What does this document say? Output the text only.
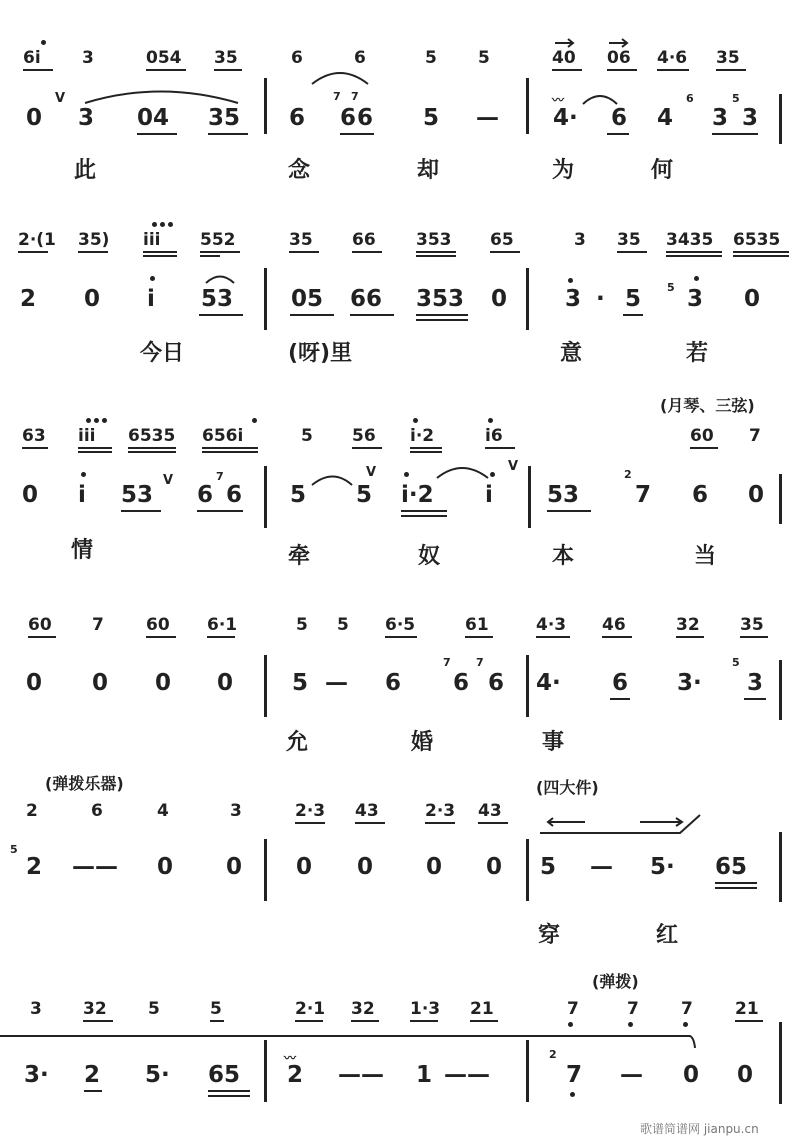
6i 3	054 35	6	6	5 5	40 06 4·6 35
0 3 04 35 6 6 6 5 — 4· 6 4 3 3
此	念	却	为	何
2·(1 35) iii 552	35 66 353 65	3 35 3435 6535
2 0 i 53	05 66 353 0	3 · 5 3 0
今日	(呀)里	意	若
(月琴、三弦)
63 iii 6535 656i	5 56 i·2	i6	60 7
0 i 53 6 6 5 5 i·2 i 53 7 6 0
情	牵	奴	本	当
60 7 60 6·1	5 5 6·5	61	4·3 46	32 35
0 0 0 0	5 — 6 6 6 4· 6 3· 3
允	婚	事
(弹拨乐器)	(四大件)
2	6	4	3	2·3 43	2·3 43
2 —— 0 0 0 0 0 0 5 — 5· 65
穿	红
(弹拨)
3 32 5	5	2·1 32 1·3 21	7	7 7 21
3· 2 5· 65 2 —— 1 ——	7 — 0 0
歌谱简谱网 jianpu.cn
V
V
V	V
〰
〰
7 7	6	5
5
7	2
7 7	5
5
2
